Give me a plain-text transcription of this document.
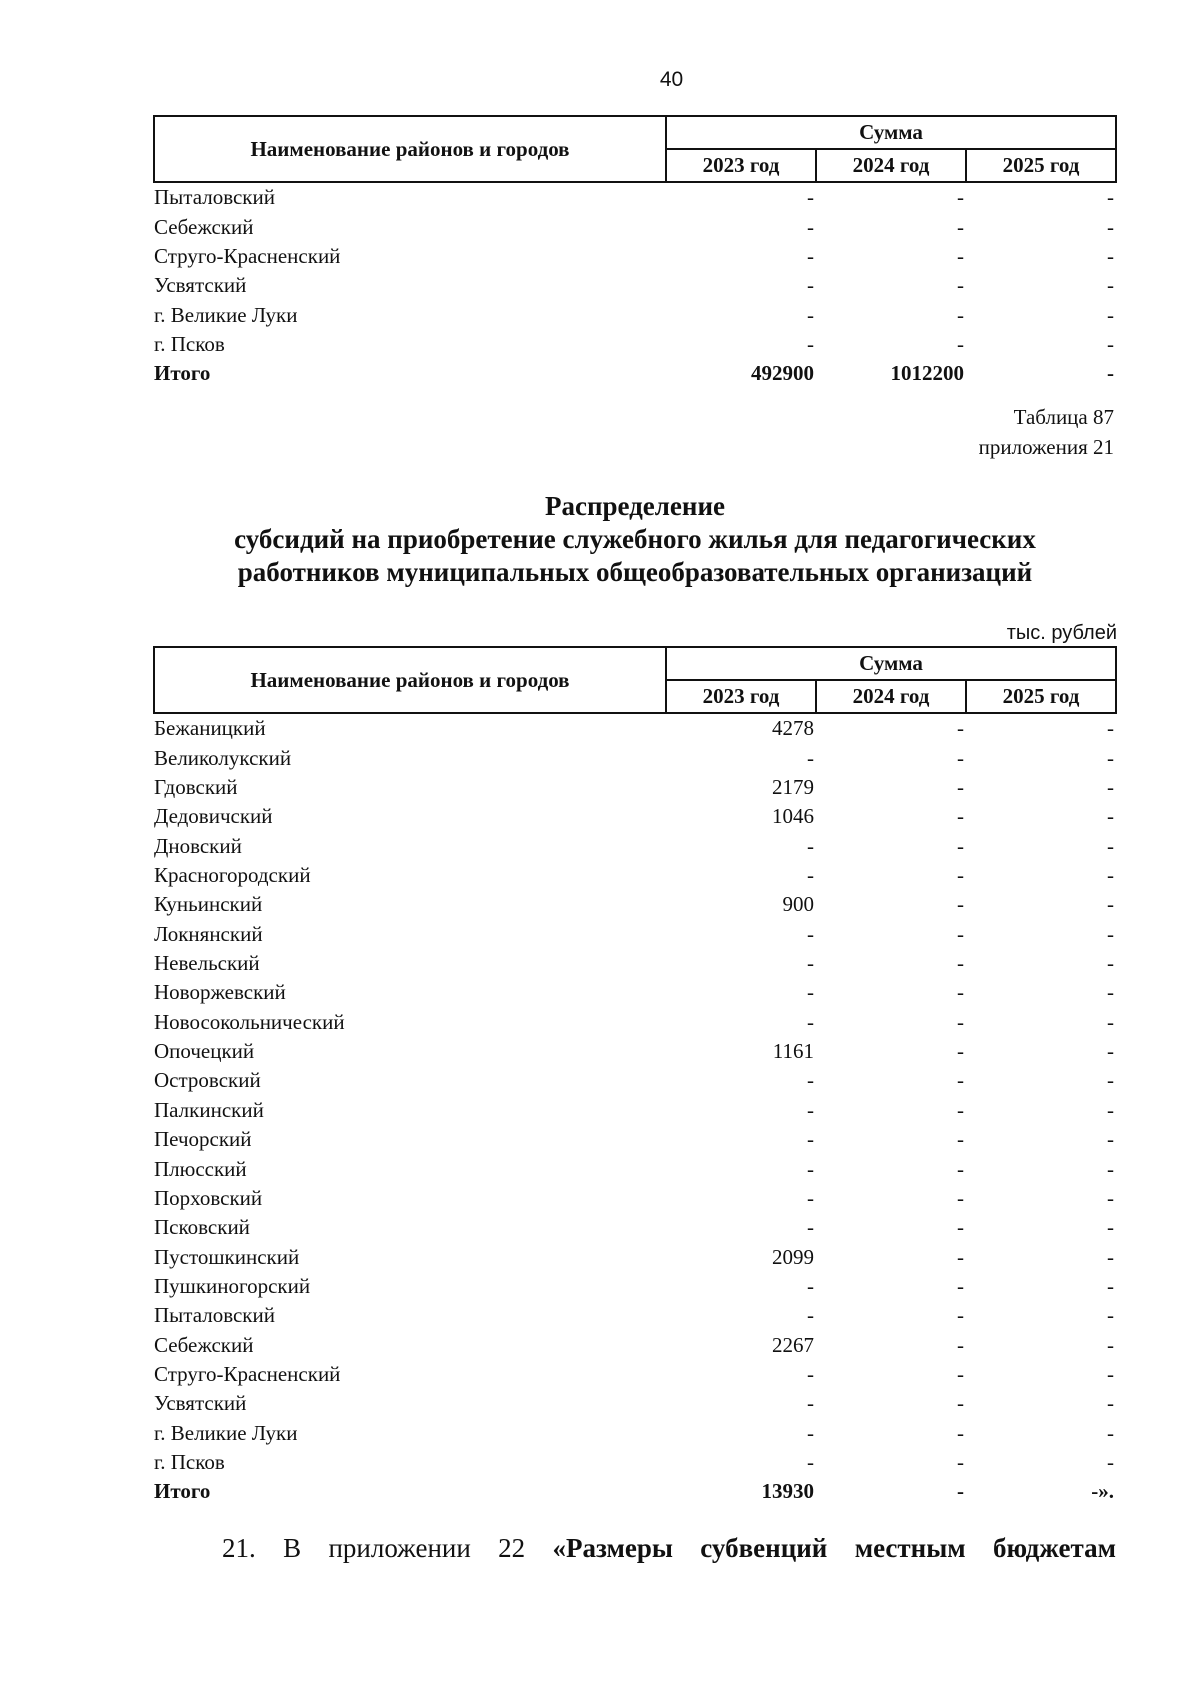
40
Наименование районов и городов	Сумма		
	2023 год	2024 год	2025 год
Пыталовский	-	-	-
Себежский	-	-	-
Струго-Красненский	-	-	-
Усвятский	-	-	-
г. Великие Луки	-	-	-
г. Псков	-	-	-
Итого	492900	1012200	-
Таблица 87
приложения 21
Распределение
субсидий на приобретение служебного жилья для педагогических
работников муниципальных общеобразовательных организаций
тыс. рублей
Наименование районов и городов	Сумма		
	2023 год	2024 год	2025 год
Бежаницкий	4278	-	-
Великолукский	-	-	-
Гдовский	2179	-	-
Дедовичский	1046	-	-
Дновский	-	-	-
Красногородский	-	-	-
Куньинский	900	-	-
Локнянский	-	-	-
Невельский	-	-	-
Новоржевский	-	-	-
Новосокольнический	-	-	-
Опочецкий	1161	-	-
Островский	-	-	-
Палкинский	-	-	-
Печорский	-	-	-
Плюсский	-	-	-
Порховский	-	-	-
Псковский	-	-	-
Пустошкинский	2099	-	-
Пушкиногорский	-	-	-
Пыталовский	-	-	-
Себежский	2267	-	-
Струго-Красненский	-	-	-
Усвятский	-	-	-
г. Великие Луки	-	-	-
г. Псков	-	-	-
Итого	13930	-	-».
21. В приложении 22 «Размеры субвенций местным бюджетам
